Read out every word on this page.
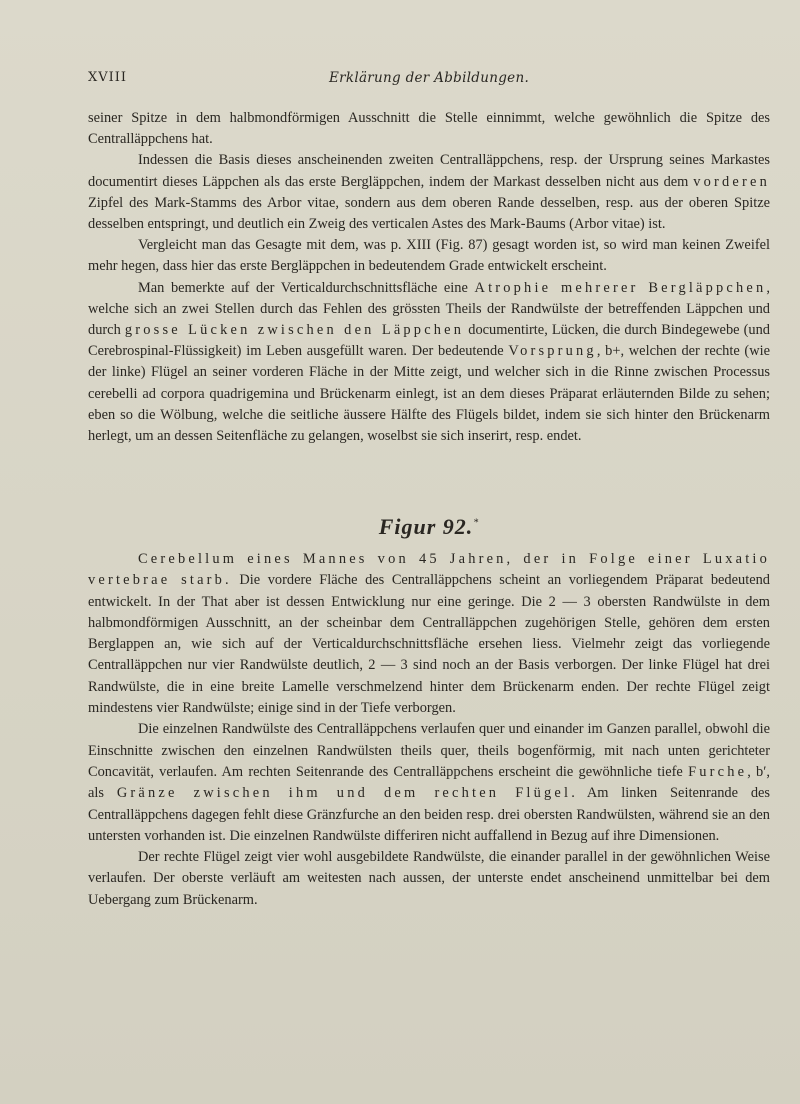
XVIII	Erklärung der Abbildungen.

seiner Spitze in dem halbmondförmigen Ausschnitt die Stelle einnimmt, welche gewöhnlich die Spitze des Centralläppchens hat.

Indessen die Basis dieses anscheinenden zweiten Centralläppchens, resp. der Ursprung seines Markastes documentirt dieses Läppchen als das erste Bergläppchen, indem der Markast desselben nicht aus dem vorderen Zipfel des Mark-Stamms des Arbor vitae, sondern aus dem oberen Rande desselben, resp. aus der oberen Spitze desselben entspringt, und deutlich ein Zweig des verticalen Astes des Mark-Baums (Arbor vitae) ist.

Vergleicht man das Gesagte mit dem, was p. XIII (Fig. 87) gesagt worden ist, so wird man keinen Zweifel mehr hegen, dass hier das erste Bergläppchen in bedeutendem Grade entwickelt erscheint.

Man bemerkte auf der Verticaldurchschnittsfläche eine Atrophie mehrerer Bergläppchen, welche sich an zwei Stellen durch das Fehlen des grössten Theils der Randwülste der betreffenden Läppchen und durch grosse Lücken zwischen den Läppchen documentirte, Lücken, die durch Bindegewebe (und Cerebrospinal-Flüssigkeit) im Leben ausgefüllt waren. Der bedeutende Vorsprung, b+, welchen der rechte (wie der linke) Flügel an seiner vorderen Fläche in der Mitte zeigt, und welcher sich in die Rinne zwischen Processus cerebelli ad corpora quadrigemina und Brückenarm einlegt, ist an dem dieses Präparat erläuternden Bilde zu sehen; eben so die Wölbung, welche die seitliche äussere Hälfte des Flügels bildet, indem sie sich hinter den Brückenarm herlegt, um an dessen Seitenfläche zu gelangen, woselbst sie sich inserirt, resp. endet.

Figur 92.*

Cerebellum eines Mannes von 45 Jahren, der in Folge einer Luxatio vertebrae starb. Die vordere Fläche des Centralläppchens scheint an vorliegendem Präparat bedeutend entwickelt. In der That aber ist dessen Entwicklung nur eine geringe. Die 2 — 3 obersten Randwülste in dem halbmondförmigen Ausschnitt, an der scheinbar dem Centralläppchen zugehörigen Stelle, gehören dem ersten Berglappen an, wie sich auf der Verticaldurchschnittsfläche ersehen liess. Vielmehr zeigt das vorliegende Centralläppchen nur vier Randwülste deutlich, 2 — 3 sind noch an der Basis verborgen. Der linke Flügel hat drei Randwülste, die in eine breite Lamelle verschmelzend hinter dem Brückenarm enden. Der rechte Flügel zeigt mindestens vier Randwülste; einige sind in der Tiefe verborgen.

Die einzelnen Randwülste des Centralläppchens verlaufen quer und einander im Ganzen parallel, obwohl die Einschnitte zwischen den einzelnen Randwülsten theils quer, theils bogenförmig, mit nach unten gerichteter Concavität, verlaufen. Am rechten Seitenrande des Centralläppchens erscheint die gewöhnliche tiefe Furche, b′, als Gränze zwischen ihm und dem rechten Flügel. Am linken Seitenrande des Centralläppchens dagegen fehlt diese Gränzfurche an den beiden resp. drei obersten Randwülsten, während sie an den untersten vorhanden ist. Die einzelnen Randwülste differiren nicht auffallend in Bezug auf ihre Dimensionen.

Der rechte Flügel zeigt vier wohl ausgebildete Randwülste, die einander parallel in der gewöhnlichen Weise verlaufen. Der oberste verläuft am weitesten nach aussen, der unterste endet anscheinend unmittelbar bei dem Uebergang zum Brückenarm.
